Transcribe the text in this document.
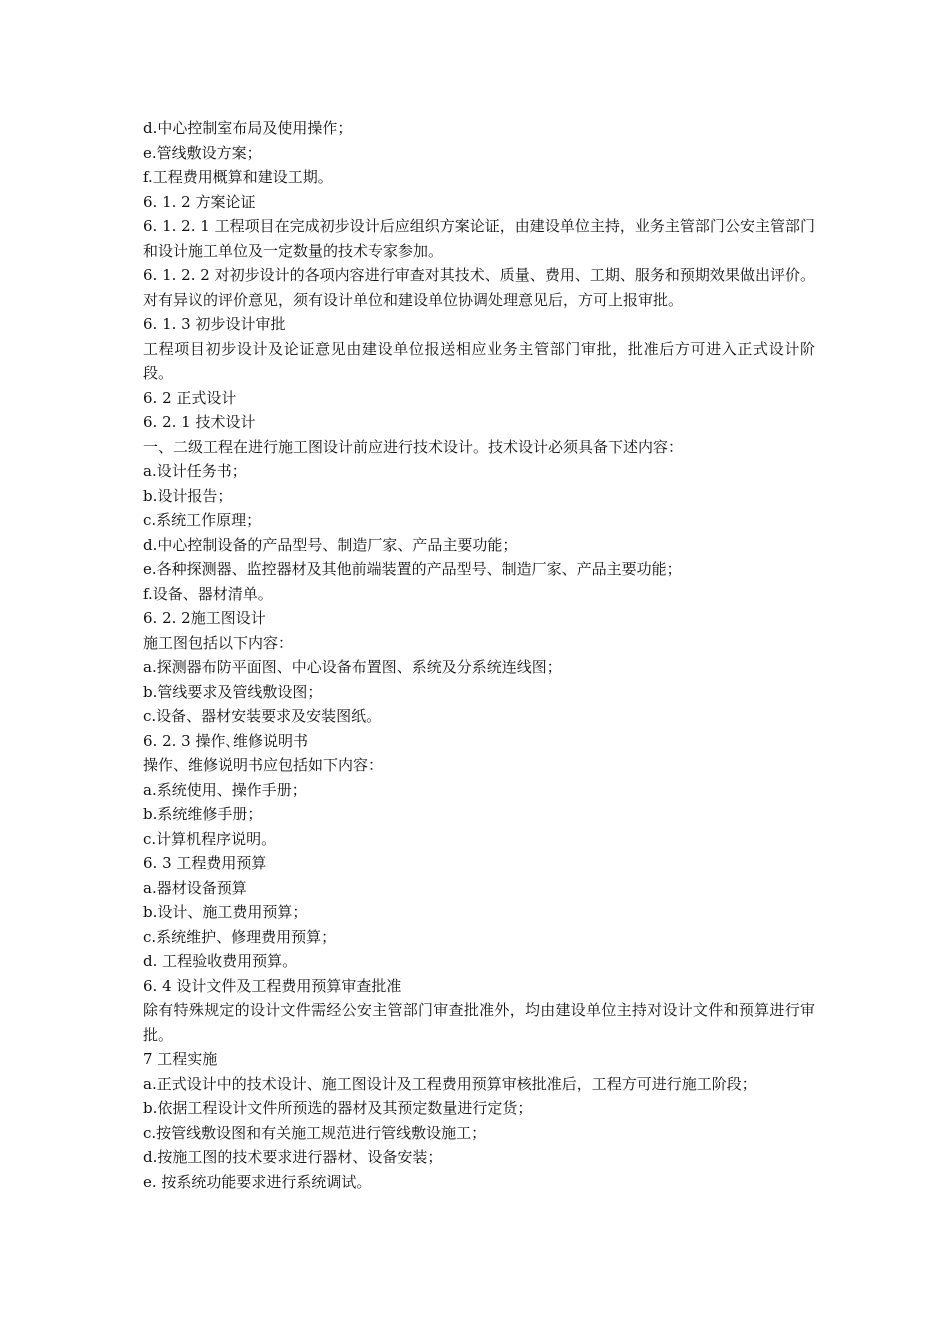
d.中心控制室布局及使用操作；
e.管线敷设方案；
f.工程费用概算和建设工期。
6. 1. 2 方案论证
6. 1. 2. 1 工程项目在完成初步设计后应组织方案论证，由建设单位主持，业务主管部门公安主管部门和设计施工单位及一定数量的技术专家参加。
6. 1. 2. 2 对初步设计的各项内容进行审查对其技术、质量、费用、工期、服务和预期效果做出评价。对有异议的评价意见，须有设计单位和建设单位协调处理意见后，方可上报审批。
6. 1. 3 初步设计审批
工程项目初步设计及论证意见由建设单位报送相应业务主管部门审批，批准后方可进入正式设计阶段。
6. 2 正式设计
6. 2. 1 技术设计
一、二级工程在进行施工图设计前应进行技术设计。技术设计必须具备下述内容：
a.设计任务书；
b.设计报告；
c.系统工作原理；
d.中心控制设备的产品型号、制造厂家、产品主要功能；
e.各种探测器、监控器材及其他前端装置的产品型号、制造厂家、产品主要功能；
f.设备、器材清单。
6. 2. 2施工图设计
施工图包括以下内容：
a.探测器布防平面图、中心设备布置图、系统及分系统连线图；
b.管线要求及管线敷设图；
c.设备、器材安装要求及安装图纸。
6. 2. 3 操作､维修说明书
操作、维修说明书应包括如下内容：
a.系统使用、操作手册；
b.系统维修手册；
c.计算机程序说明。
6. 3 工程费用预算
a.器材设备预算
b.设计、施工费用预算；
c.系统维护、修理费用预算；
d. 工程验收费用预算。
6. 4 设计文件及工程费用预算审查批准
除有特殊规定的设计文件需经公安主管部门审查批准外，均由建设单位主持对设计文件和预算进行审批。
7 工程实施
a.正式设计中的技术设计、施工图设计及工程费用预算审核批准后，工程方可进行施工阶段；
b.依据工程设计文件所预选的器材及其预定数量进行定货；
c.按管线敷设图和有关施工规范进行管线敷设施工；
d.按施工图的技术要求进行器材、设备安装；
e. 按系统功能要求进行系统调试。
